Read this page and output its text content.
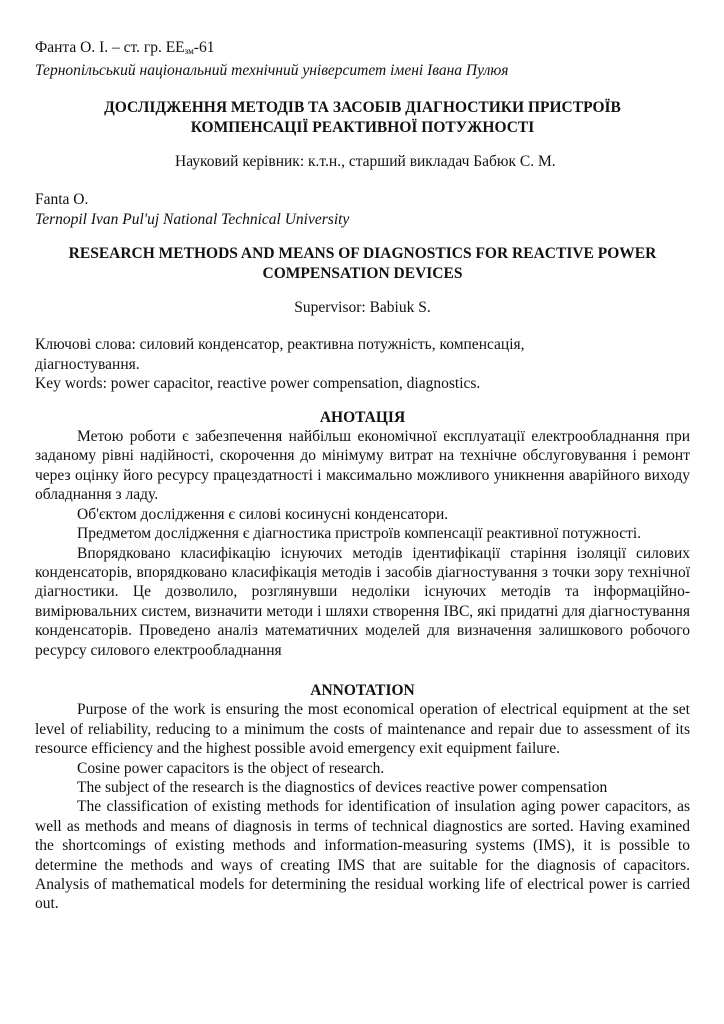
Фанта О. І. – ст. гр. $ЕЕ_{зм}-61$

Тернопільський національний технічний університет імені Івана Пулюя

ДОСЛІДЖЕННЯ МЕТОДІВ ТА ЗАСОБІВ ДІАГНОСТИКИ ПРИСТРОЇВ
КОМПЕНСАЦІЇ РЕАКТИВНОЇ ПОТУЖНОСТІ

Науковий керівник: к.т.н., старший викладач Бабюк С. М.

Fanta O.

Ternopil Ivan Pul'uj National Technical University

RESEARCH METHODS AND MEANS OF DIAGNOSTICS FOR REACTIVE POWER
COMPENSATION DEVICES

Supervisor: Babiuk S.

Ключові слова: силовий конденсатор, реактивна потужність, компенсація,
діагностування.
Key words: power capacitor, reactive power compensation, diagnostics.

АНОТАЦІЯ

Метою роботи є забезпечення найбільш економічної експлуатації електрообладнання при заданому рівні надійності, скорочення до мінімуму витрат на технічне обслуговування і ремонт через оцінку його ресурсу працездатності і максимально можливого уникнення аварійного виходу обладнання з ладу.

Об'єктом дослідження є силові косинусні конденсатори.

Предметом дослідження є діагностика пристроїв компенсації реактивної потужності.

Впорядковано класифікацію існуючих методів ідентифікації старіння ізоляції силових конденсаторів, впорядковано класифікація методів і засобів діагностування з точки зору технічної діагностики. Це дозволило, розглянувши недоліки існуючих методів та інформаційно-вимірювальних систем, визначити методи і шляхи створення ІВС, які придатні для діагностування конденсаторів. Проведено аналіз математичних моделей для визначення залишкового робочого ресурсу силового електрообладнання

ANNOTATION

Purpose of the work is ensuring the most economical operation of electrical equipment at the set level of reliability, reducing to a minimum the costs of maintenance and repair due to assessment of its resource efficiency and the highest possible avoid emergency exit equipment failure.

Cosine power capacitors is the object of research.

The subject of the research is the diagnostics of devices reactive power compensation

The classification of existing methods for identification of insulation aging power capacitors, as well as methods and means of diagnosis in terms of technical diagnostics are sorted. Having examined the shortcomings of existing methods and information-measuring systems (IMS), it is possible to determine the methods and ways of creating IMS that are suitable for the diagnosis of capacitors. Analysis of mathematical models for determining the residual working life of electrical power is carried out.
